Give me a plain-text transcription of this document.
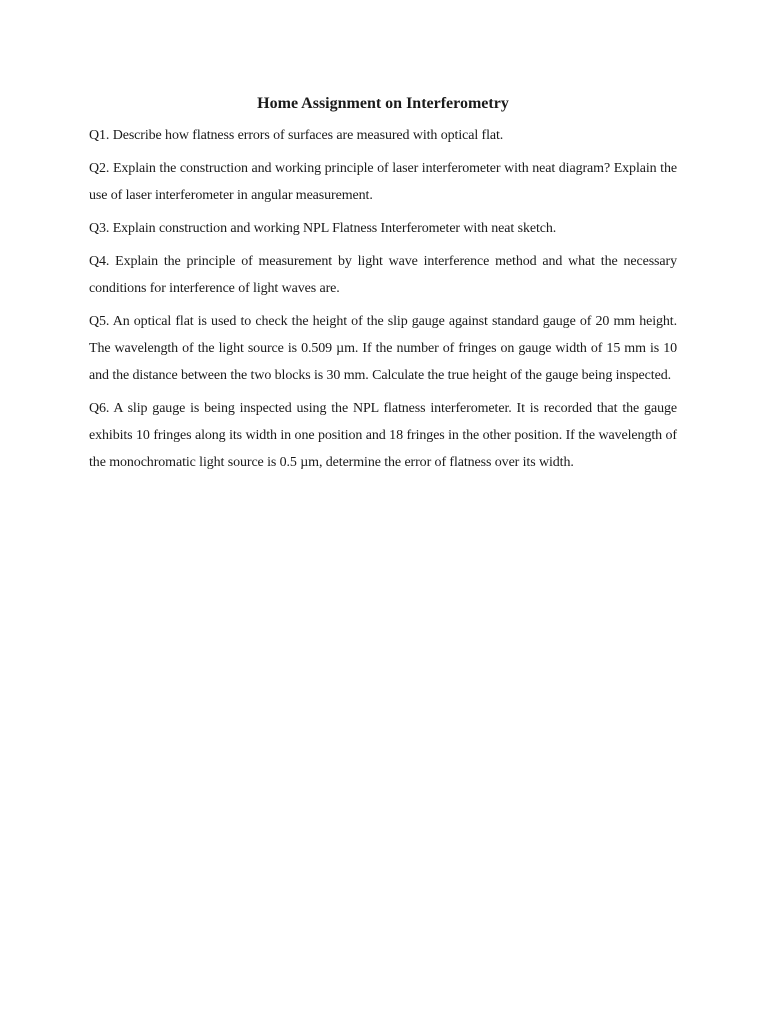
Home Assignment on Interferometry

Q1. Describe how flatness errors of surfaces are measured with optical flat.

Q2. Explain the construction and working principle of laser interferometer with neat diagram? Explain the use of laser interferometer in angular measurement.

Q3. Explain construction and working NPL Flatness Interferometer with neat sketch.

Q4. Explain the principle of measurement by light wave interference method and what the necessary conditions for interference of light waves are.

Q5. An optical flat is used to check the height of the slip gauge against standard gauge of 20 mm height. The wavelength of the light source is 0.509 µm. If the number of fringes on gauge width of 15 mm is 10 and the distance between the two blocks is 30 mm. Calculate the true height of the gauge being inspected.

Q6. A slip gauge is being inspected using the NPL flatness interferometer. It is recorded that the gauge exhibits 10 fringes along its width in one position and 18 fringes in the other position. If the wavelength of the monochromatic light source is 0.5 µm, determine the error of flatness over its width.
